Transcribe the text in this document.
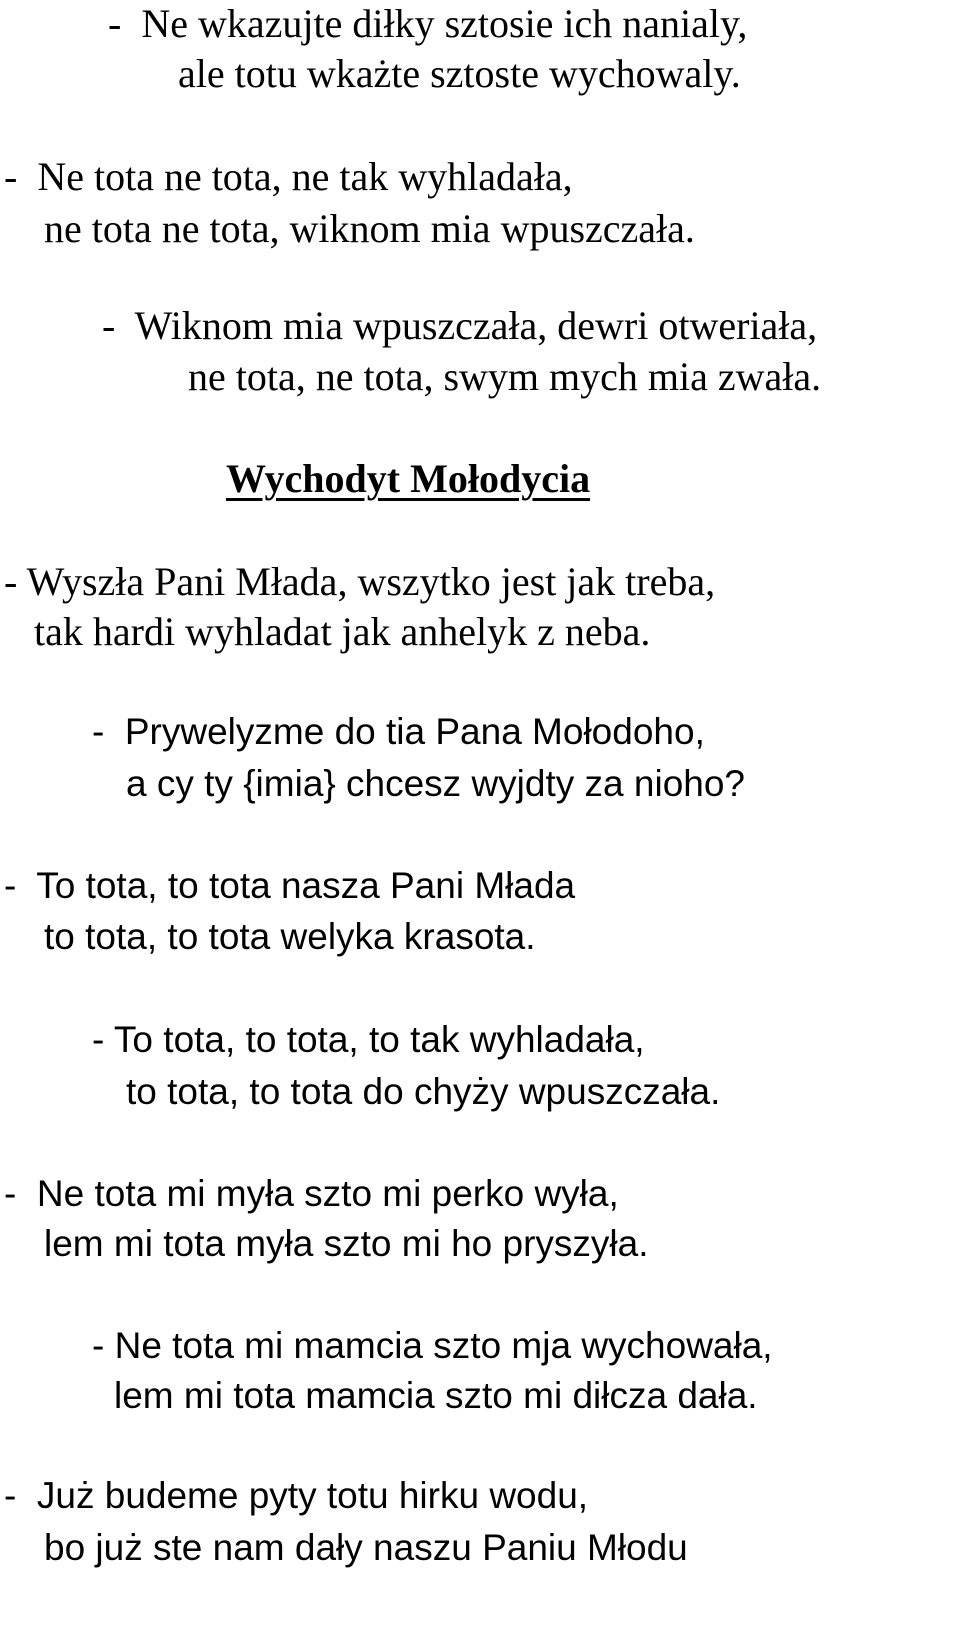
-  Ne wkazujte diłky sztosie ich nanialy,
ale totu wkażte sztoste wychowaly.
-  Ne tota ne tota, ne tak wyhladała,
ne tota ne tota, wiknom mia wpuszczała.
-  Wiknom mia wpuszczała, dewri otweriała,
ne tota, ne tota, swym mych mia zwała.
Wychodyt Mołodycia
- Wyszła Pani Młada, wszytko jest jak treba,
tak hardi wyhladat jak anhelyk z neba.
-  Prywelyzme do tia Pana Mołodoho,
a cy ty {imia} chcesz wyjdty za nioho?
-  To tota, to tota nasza Pani Młada
to tota, to tota welyka krasota.
- To tota, to tota, to tak wyhladała,
to tota, to tota do chyży wpuszczała.
-  Ne tota mi myła szto mi perko wyła,
lem mi tota myła szto mi ho pryszyła.
- Ne tota mi mamcia szto mja wychowała,
lem mi tota mamcia szto mi diłcza dała.
-  Już budeme pyty totu hirku wodu,
bo już ste nam dały naszu Paniu Młodu
